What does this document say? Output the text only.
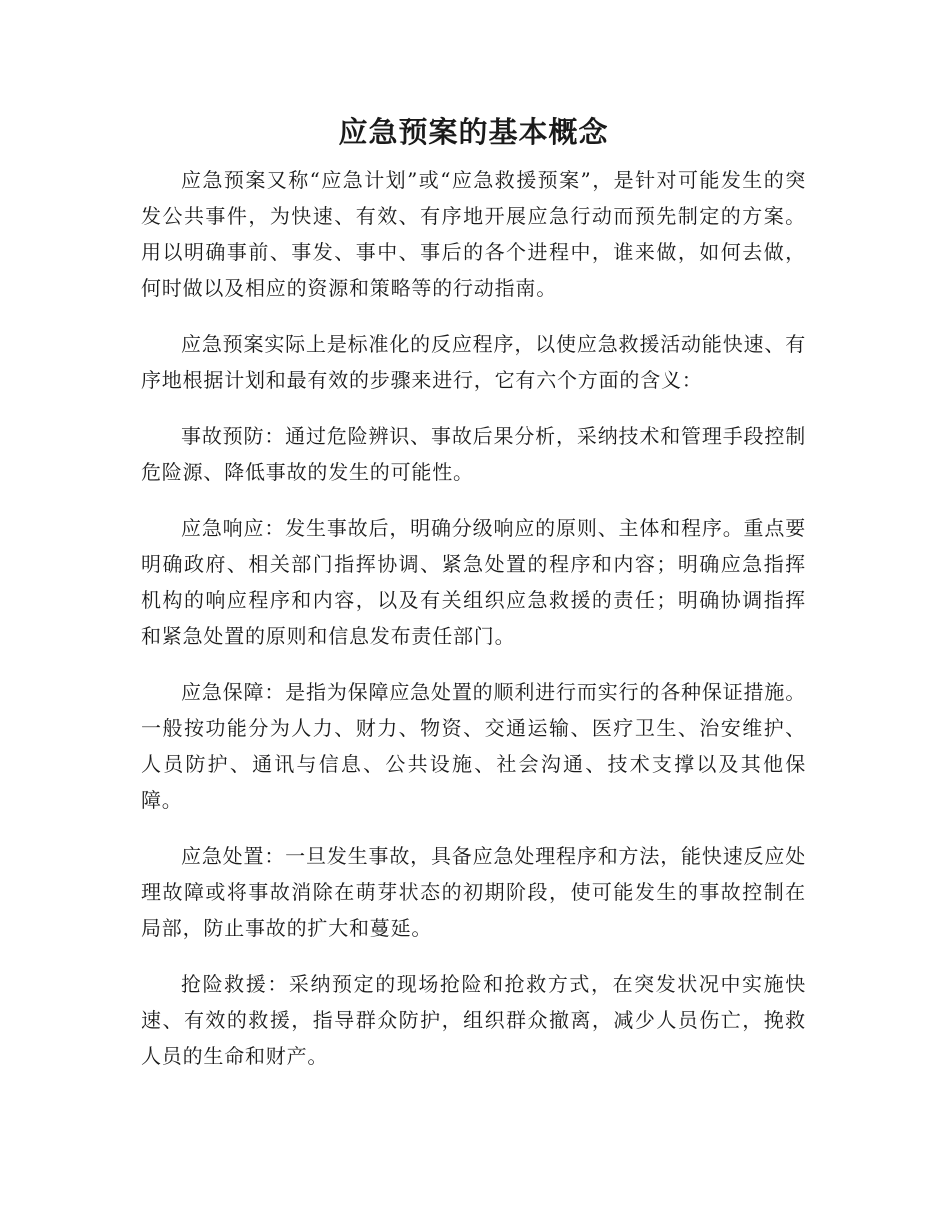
应急预案的基本概念

应急预案又称“应急计划”或“应急救援预案”，是针对可能发生的突发公共事件，为快速、有效、有序地开展应急行动而预先制定的方案。用以明确事前、事发、事中、事后的各个进程中，谁来做，如何去做，何时做以及相应的资源和策略等的行动指南。

应急预案实际上是标准化的反应程序，以使应急救援活动能快速、有序地根据计划和最有效的步骤来进行，它有六个方面的含义：

事故预防：通过危险辨识、事故后果分析，采纳技术和管理手段控制危险源、降低事故的发生的可能性。

应急响应：发生事故后，明确分级响应的原则、主体和程序。重点要明确政府、相关部门指挥协调、紧急处置的程序和内容；明确应急指挥机构的响应程序和内容，以及有关组织应急救援的责任；明确协调指挥和紧急处置的原则和信息发布责任部门。

应急保障：是指为保障应急处置的顺利进行而实行的各种保证措施。一般按功能分为人力、财力、物资、交通运输、医疗卫生、治安维护、人员防护、通讯与信息、公共设施、社会沟通、技术支撑以及其他保障。

应急处置：一旦发生事故，具备应急处理程序和方法，能快速反应处理故障或将事故消除在萌芽状态的初期阶段，使可能发生的事故控制在局部，防止事故的扩大和蔓延。

抢险救援：采纳预定的现场抢险和抢救方式，在突发状况中实施快速、有效的救援，指导群众防护，组织群众撤离，减少人员伤亡，挽救人员的生命和财产。
